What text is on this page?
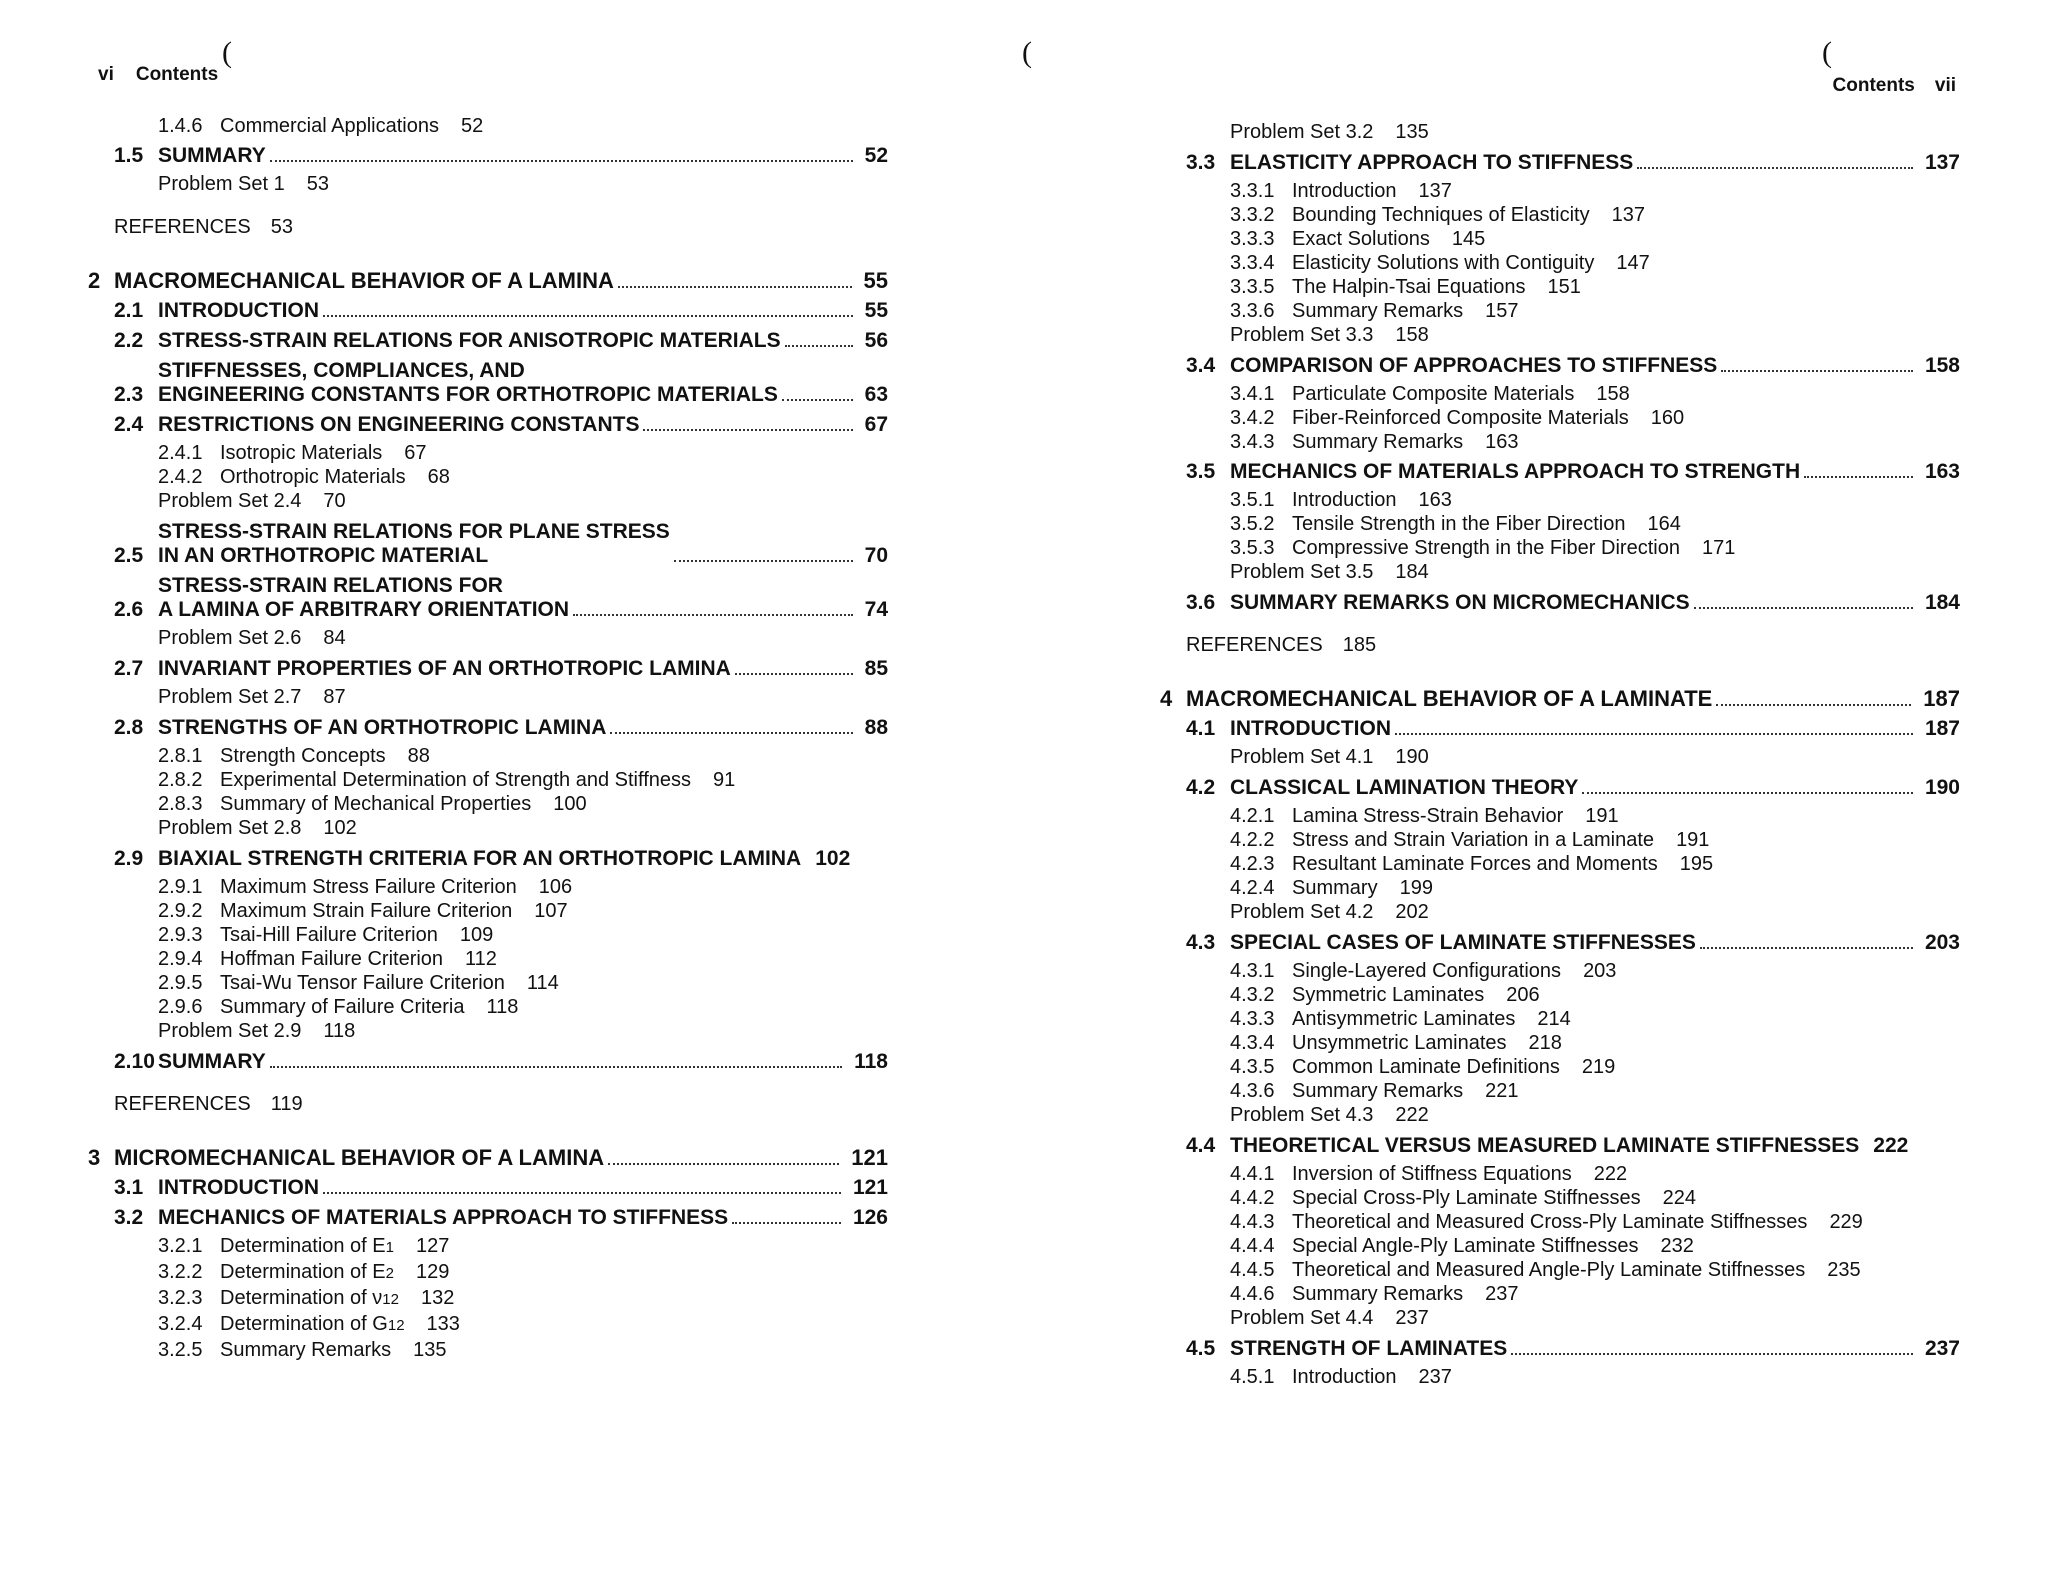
vi Contents
(
1.4.6 Commercial Applications 52
1.5 SUMMARY	52
Problem Set 1 53
REFERENCES 53
2 MACROMECHANICAL BEHAVIOR OF A LAMINA	55
2.1 INTRODUCTION	55
2.2 STRESS-STRAIN RELATIONS FOR ANISOTROPIC MATERIALS	56
2.3
STIFFNESSES, COMPLIANCES, AND
ENGINEERING CONSTANTS FOR ORTHOTROPIC MATERIALS	63
2.4 RESTRICTIONS ON ENGINEERING CONSTANTS	67
2.4.1 Isotropic Materials 67
2.4.2 Orthotropic Materials 68
Problem Set 2.4 70
2.5
STRESS-STRAIN RELATIONS FOR PLANE STRESS
IN AN ORTHOTROPIC MATERIAL	70
2.6
STRESS-STRAIN RELATIONS FOR
A LAMINA OF ARBITRARY ORIENTATION	74
Problem Set 2.6 84
2.7 INVARIANT PROPERTIES OF AN ORTHOTROPIC LAMINA	85
Problem Set 2.7 87
2.8 STRENGTHS OF AN ORTHOTROPIC LAMINA	88
2.8.1 Strength Concepts 88
2.8.2 Experimental Determination of Strength and Stiffness 91
2.8.3 Summary of Mechanical Properties 100
Problem Set 2.8 102
2.9 BIAXIAL STRENGTH CRITERIA FOR AN ORTHOTROPIC LAMINA 102
2.9.1 Maximum Stress Failure Criterion 106
2.9.2 Maximum Strain Failure Criterion 107
2.9.3 Tsai-Hill Failure Criterion 109
2.9.4 Hoffman Failure Criterion 112
2.9.5 Tsai-Wu Tensor Failure Criterion 114
2.9.6 Summary of Failure Criteria 118
Problem Set 2.9 118
2.10 SUMMARY	118
REFERENCES 119
3 MICROMECHANICAL BEHAVIOR OF A LAMINA	121
3.1 INTRODUCTION	121
3.2 MECHANICS OF MATERIALS APPROACH TO STIFFNESS	126
3.2.1 Determination of E 1 127
3.2.2 Determination of E 2 129
3.2.3 Determination of ν 12 132
3.2.4 Determination of G 12 133
3.2.5 Summary Remarks 135
(	(
Contents vii
Problem Set 3.2 135
3.3 ELASTICITY APPROACH TO STIFFNESS	137
3.3.1 Introduction 137
3.3.2 Bounding Techniques of Elasticity 137
3.3.3 Exact Solutions 145
3.3.4 Elasticity Solutions with Contiguity 147
3.3.5 The Halpin-Tsai Equations 151
3.3.6 Summary Remarks 157
Problem Set 3.3 158
3.4 COMPARISON OF APPROACHES TO STIFFNESS	158
3.4.1 Particulate Composite Materials 158
3.4.2 Fiber-Reinforced Composite Materials 160
3.4.3 Summary Remarks 163
3.5 MECHANICS OF MATERIALS APPROACH TO STRENGTH	163
3.5.1 Introduction 163
3.5.2 Tensile Strength in the Fiber Direction 164
3.5.3 Compressive Strength in the Fiber Direction 171
Problem Set 3.5 184
3.6 SUMMARY REMARKS ON MICROMECHANICS	184
REFERENCES 185
4 MACROMECHANICAL BEHAVIOR OF A LAMINATE	187
4.1 INTRODUCTION	187
Problem Set 4.1 190
4.2 CLASSICAL LAMINATION THEORY	190
4.2.1 Lamina Stress-Strain Behavior 191
4.2.2 Stress and Strain Variation in a Laminate 191
4.2.3 Resultant Laminate Forces and Moments 195
4.2.4 Summary 199
Problem Set 4.2 202
4.3 SPECIAL CASES OF LAMINATE STIFFNESSES	203
4.3.1 Single-Layered Configurations 203
4.3.2 Symmetric Laminates 206
4.3.3 Antisymmetric Laminates 214
4.3.4 Unsymmetric Laminates 218
4.3.5 Common Laminate Definitions 219
4.3.6 Summary Remarks 221
Problem Set 4.3 222
4.4 THEORETICAL VERSUS MEASURED LAMINATE STIFFNESSES 222
4.4.1 Inversion of Stiffness Equations 222
4.4.2 Special Cross-Ply Laminate Stiffnesses 224
4.4.3 Theoretical and Measured Cross-Ply Laminate Stiffnesses 229
4.4.4 Special Angle-Ply Laminate Stiffnesses 232
4.4.5 Theoretical and Measured Angle-Ply Laminate Stiffnesses 235
4.4.6 Summary Remarks 237
Problem Set 4.4 237
4.5 STRENGTH OF LAMINATES	237
4.5.1 Introduction 237
